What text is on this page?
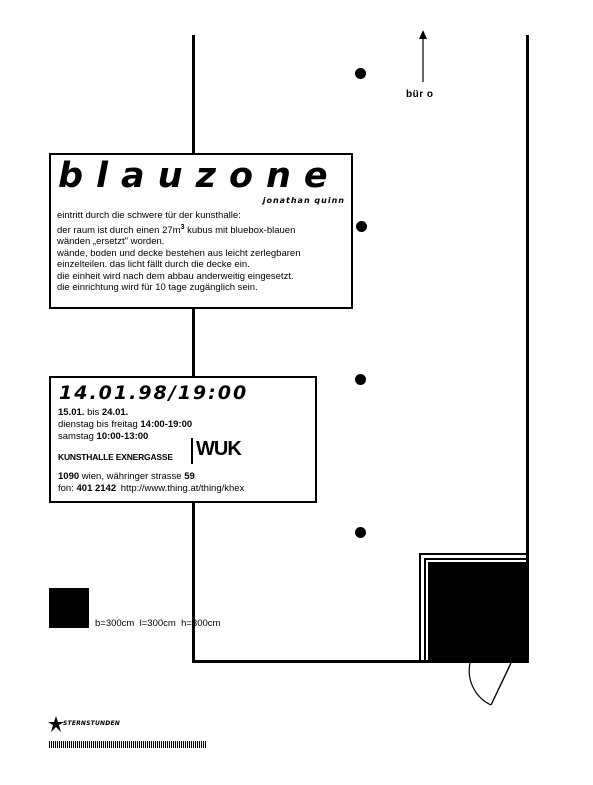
bür o
blauzone
jonathan quinn
eintritt durch die schwere tür der kunsthalle:
der raum ist durch einen $27m^3$ kubus mit bluebox-blauen
wänden „ersetzt" worden.
wände, boden und decke bestehen aus leicht zerlegbaren
einzelteilen. das licht fällt durch die decke ein.
die einheit wird nach dem abbau anderweitig eingesetzt.
die einrichtung wird für 10 tage zugänglich sein.
14.01.98/19:00
15.01. bis 24.01.
dienstag bis freitag 14:00-19:00
samstag 10:00-13:00
KUNSTHALLE EXNERGASSE WUK
1090 wien, währinger strasse 59
fon: 401 2142 http://www.thing.at/thing/khex
b=300cm  l=300cm  h=300cm
STERNSTUNDEN
